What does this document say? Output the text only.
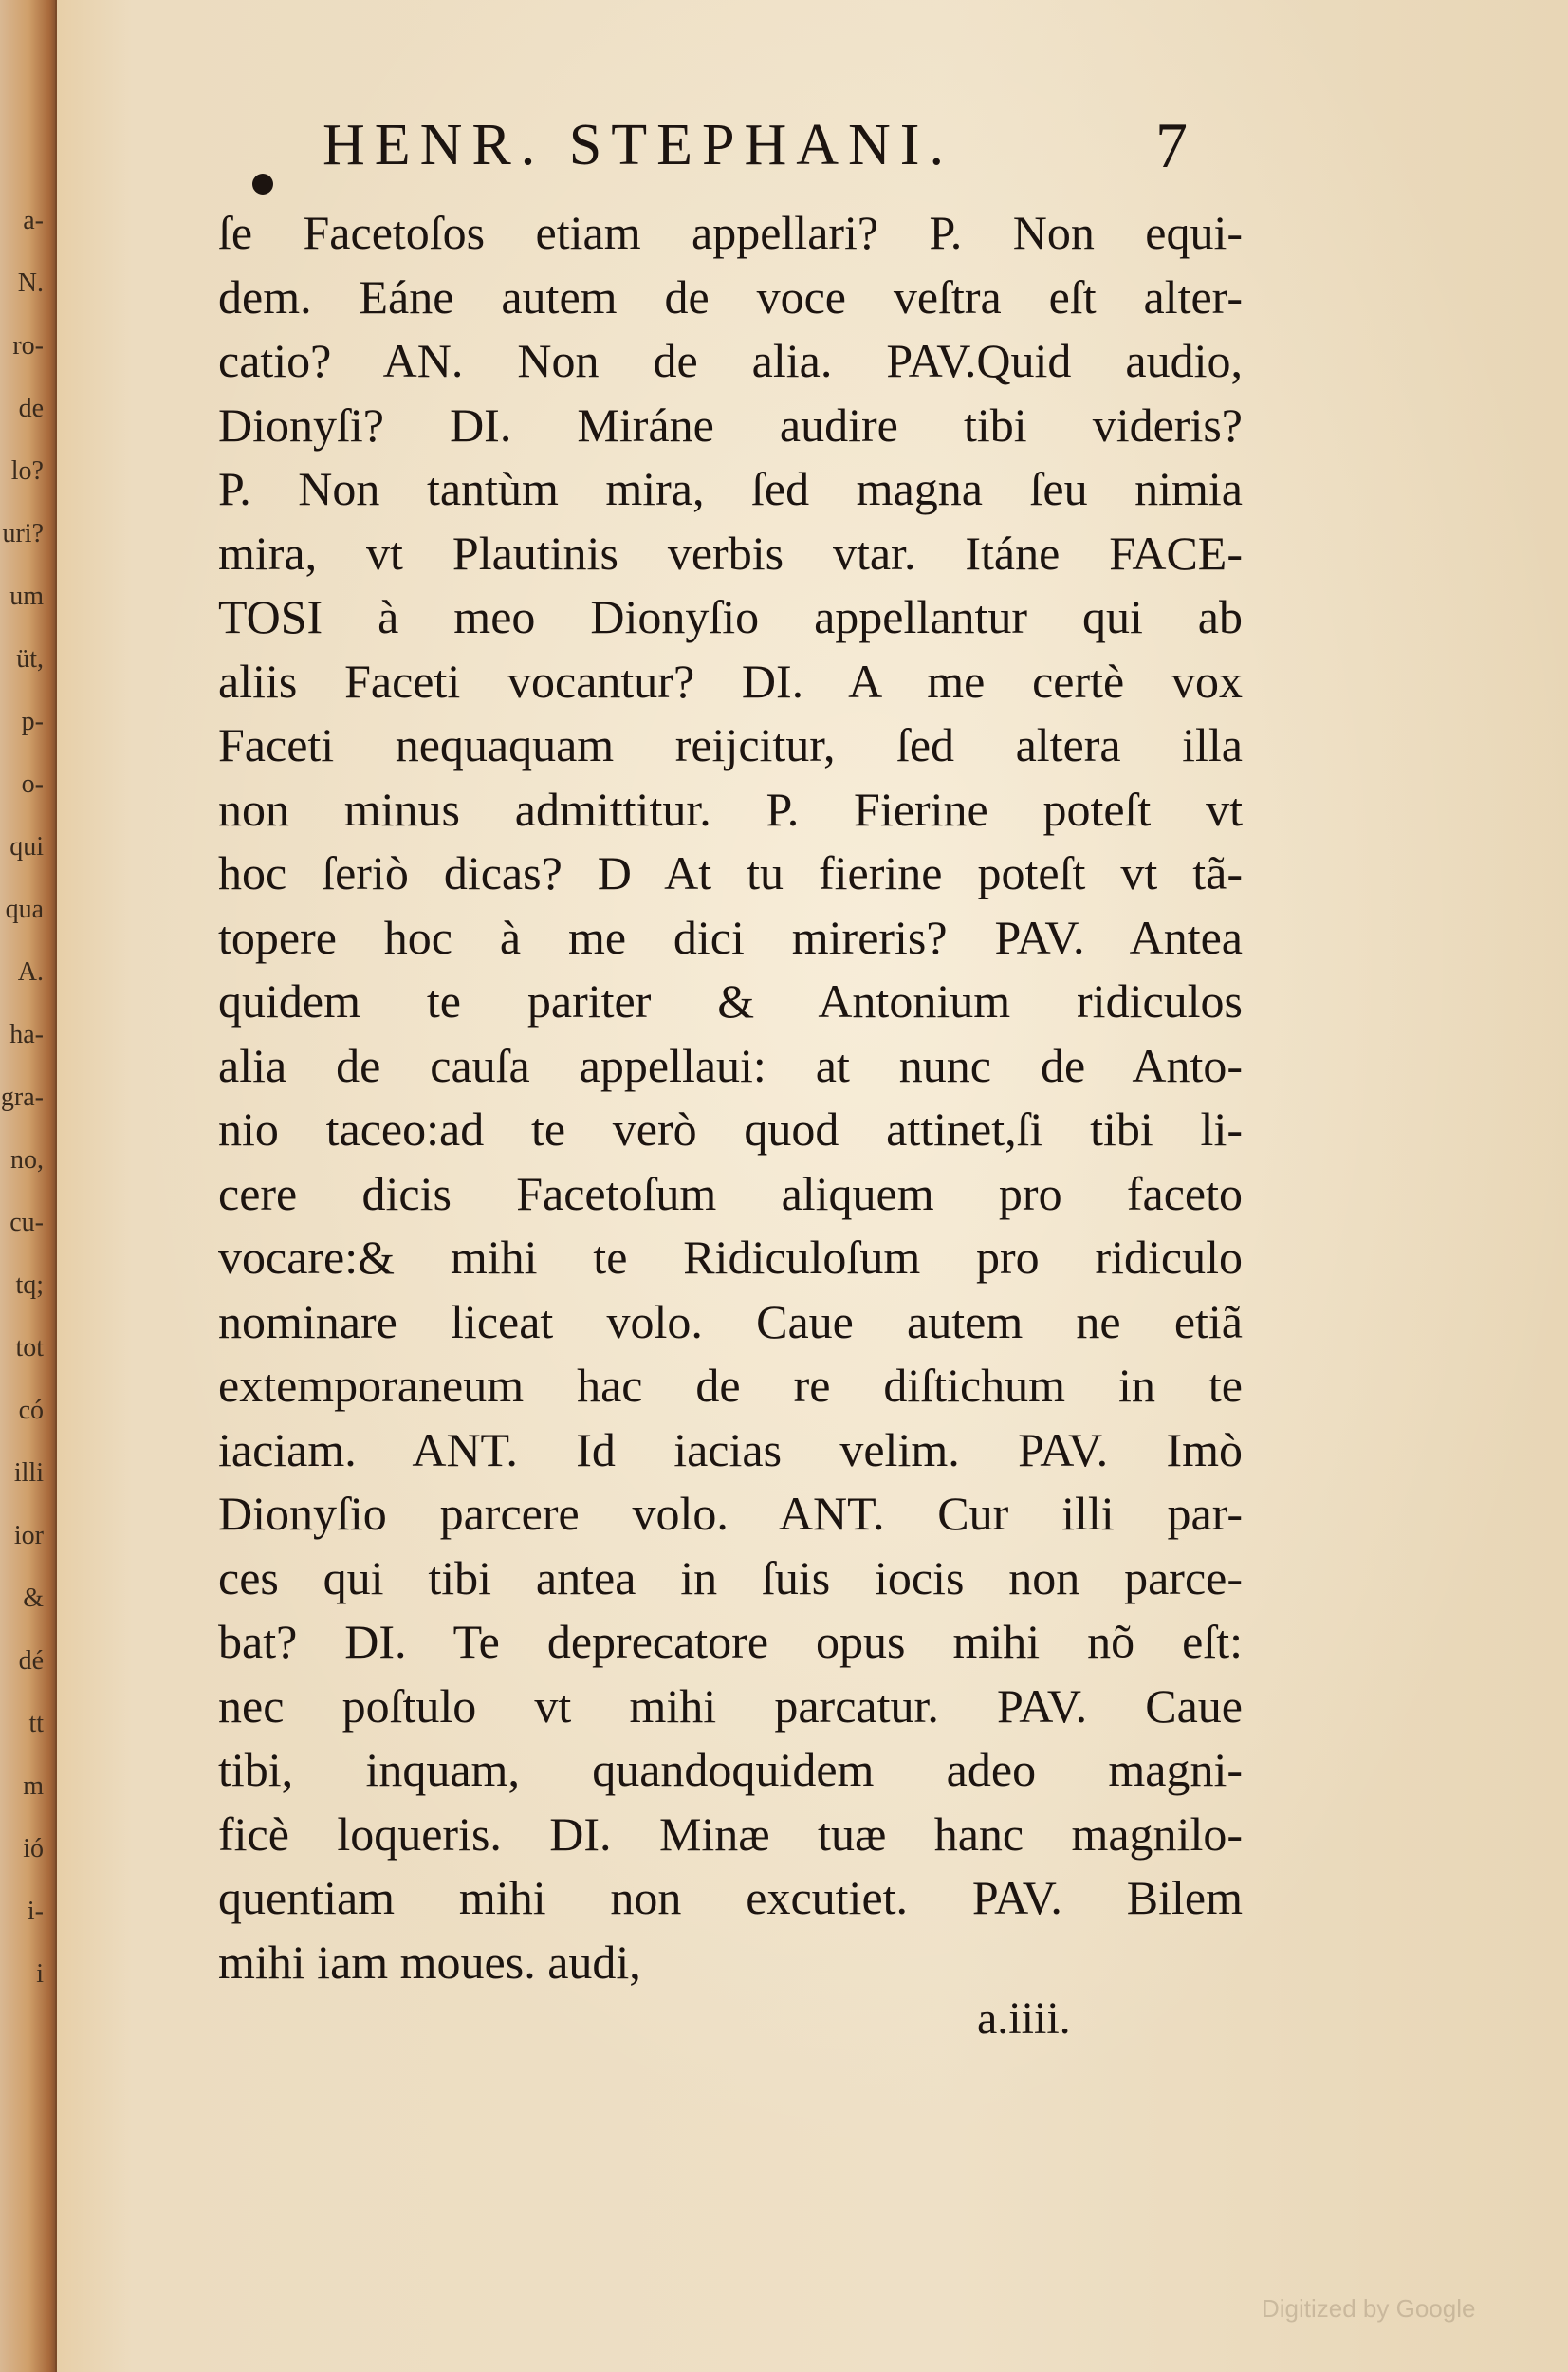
a-
N.
ro-
de
lo?
uri?
um
üt,
p-
o-
qui
qua
A.
ha-
gra-
no,
cu-
tq;
tot
có
illi
ior
&
dé
tt
m
ió
i-
i
HENR. STEPHANI.	7
ſe Facetoſos etiam appellari? P. Non equi-
dem. Eáne autem de voce veſtra eſt alter-
catio? AN. Non de alia. PAV.Quid audio,
Dionyſi? DI. Miráne audire tibi videris?
P. Non tantùm mira, ſed magna ſeu nimia
mira, vt Plautinis verbis vtar. Itáne FACE-
TOSI à meo Dionyſio appellantur qui ab
aliis Faceti vocantur? DI. A me certè vox
Faceti nequaquam reijcitur, ſed altera illa
non minus admittitur. P. Fierine poteſt vt
hoc ſeriò dicas? D At tu fierine poteſt vt tã-
topere hoc à me dici mireris? PAV. Antea
quidem te pariter & Antonium ridiculos
alia de cauſa appellaui: at nunc de Anto-
nio taceo:ad te verò quod attinet,ſi tibi li-
cere dicis Facetoſum aliquem pro faceto
vocare:& mihi te Ridiculoſum pro ridiculo
nominare liceat volo. Caue autem ne etiã
extemporaneum hac de re diſtichum in te
iaciam. ANT. Id iacias velim. PAV. Imò
Dionyſio parcere volo. ANT. Cur illi par-
ces qui tibi antea in ſuis iocis non parce-
bat? DI. Te deprecatore opus mihi nõ eſt:
nec poſtulo vt mihi parcatur. PAV. Caue
tibi, inquam, quandoquidem adeo magni-
ficè loqueris. DI. Minæ tuæ hanc magnilo-
quentiam mihi non excutiet. PAV. Bilem
mihi iam moues. audi,
a.iiii.
Digitized by Google
